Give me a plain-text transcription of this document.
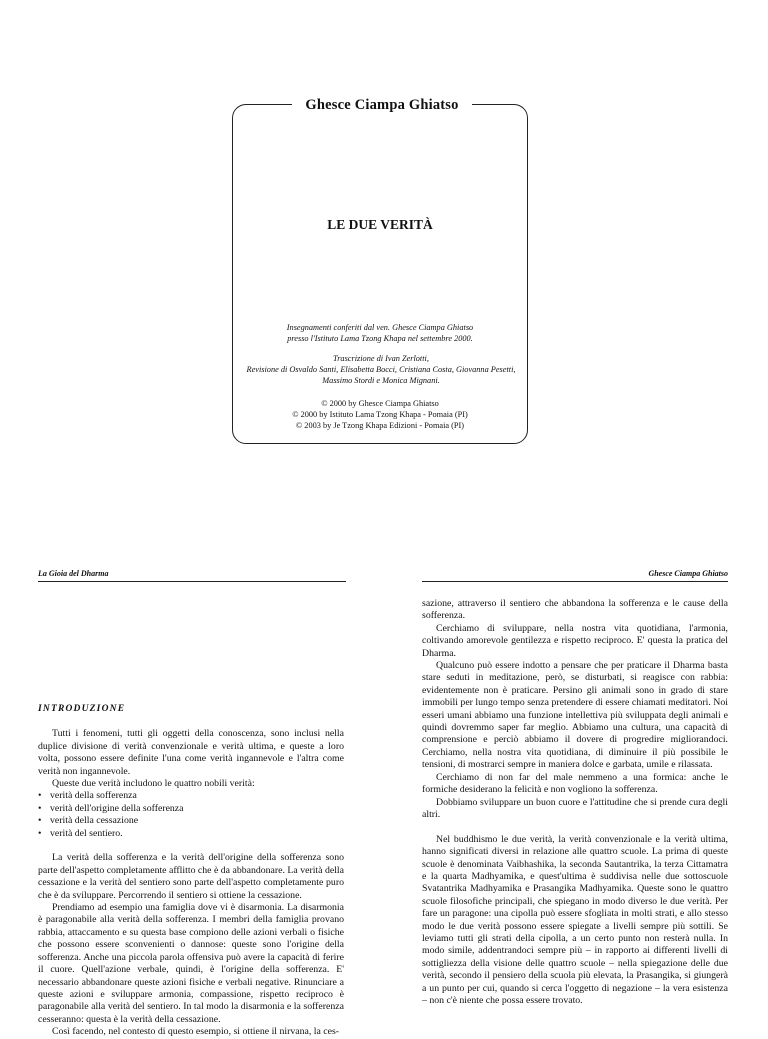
Ghesce Ciampa Ghiatso
LE DUE VERITÀ
Insegnamenti conferiti dal ven. Ghesce Ciampa Ghiatso
presso l'Istituto Lama Tzong Khapa nel settembre 2000.
Trascrizione di Ivan Zerlotti,
Revisione di Osvaldo Santi, Elisabetta Bocci, Cristiana Costa, Giovanna Pesetti,
Massimo Stordi e Monica Mignani.
© 2000 by Ghesce Ciampa Ghiatso
© 2000 by Istituto Lama Tzong Khapa - Pomaia (PI)
© 2003 by Je Tzong Khapa Edizioni - Pomaia (PI)
La Gioia del Dharma	Ghesce Ciampa Ghiatso

INTRODUZIONE

Tutti i fenomeni, tutti gli oggetti della conoscenza, sono inclusi nella duplice divisione di verità convenzionale e verità ultima, e queste a loro volta, possono essere definite l'una come verità ingannevole e l'altra come verità non ingannevole.

Queste due verità includono le quattro nobili verità:

• verità della sofferenza
• verità dell'origine della sofferenza
• verità della cessazione
• verità del sentiero.

La verità della sofferenza e la verità dell'origine della sofferenza sono parte dell'aspetto completamente afflitto che è da abbandonare. La verità della cessazione e la verità del sentiero sono parte dell'aspetto completamente puro che è da sviluppare. Percorrendo il sentiero si ottiene la cessazione.

Prendiamo ad esempio una famiglia dove vi è disarmonia. La disarmonia è paragonabile alla verità della sofferenza. I membri della famiglia provano rabbia, attaccamento e su questa base compiono delle azioni verbali o fisiche che possono essere sconvenienti o dannose: queste sono l'origine della sofferenza. Anche una piccola parola offensiva può avere la capacità di ferire il cuore. Quell'azione verbale, quindi, è l'origine della sofferenza. E' necessario abbandonare queste azioni fisiche e verbali negative. Rinunciare a queste azioni e sviluppare armonia, compassione, rispetto reciproco è paragonabile alla verità del sentiero. In tal modo la disarmonia e la sofferenza cesseranno: questa è la verità della cessazione.

Così facendo, nel contesto di questo esempio, si ottiene il nirvana, la ces-

sazione, attraverso il sentiero che abbandona la sofferenza e le cause della sofferenza.

Cerchiamo di sviluppare, nella nostra vita quotidiana, l'armonia, coltivando amorevole gentilezza e rispetto reciproco. E' questa la pratica del Dharma.

Qualcuno può essere indotto a pensare che per praticare il Dharma basta stare seduti in meditazione, però, se disturbati, si reagisce con rabbia: evidentemente non è praticare. Persino gli animali sono in grado di stare immobili per lungo tempo senza pretendere di essere chiamati meditatori. Noi esseri umani abbiamo una funzione intellettiva più sviluppata degli animali e quindi dovremmo saper far meglio. Abbiamo una cultura, una capacità di comprensione e perciò abbiamo il dovere di progredire migliorandoci. Cerchiamo, nella nostra vita quotidiana, di diminuire il più possibile le tensioni, di mostrarci sempre in maniera dolce e garbata, umile e rilassata.

Cerchiamo di non far del male nemmeno a una formica: anche le formiche desiderano la felicità e non vogliono la sofferenza.

Dobbiamo sviluppare un buon cuore e l'attitudine che si prende cura degli altri.

Nel buddhismo le due verità, la verità convenzionale e la verità ultima, hanno significati diversi in relazione alle quattro scuole. La prima di queste scuole è denominata Vaibhashika, la seconda Sautantrika, la terza Cittamatra e la quarta Madhyamika, e quest'ultima è suddivisa nelle due sottoscuole Svatantrika Madhyamika e Prasangika Madhyamika. Queste sono le quattro scuole filosofiche principali, che spiegano in modo diverso le due verità. Per fare un paragone: una cipolla può essere sfogliata in molti strati, e allo stesso modo le due verità possono essere spiegate a livelli sempre più sottili. Se leviamo tutti gli strati della cipolla, a un certo punto non resterà nulla. In modo simile, addentrandoci sempre più – in rapporto ai differenti livelli di sottigliezza della visione delle quattro scuole – nella spiegazione delle due verità, secondo il pensiero della scuola più elevata, la Prasangika, si giungerà a un punto per cui, quando si cerca l'oggetto di negazione – la vera esistenza – non c'è niente che possa essere trovato.
